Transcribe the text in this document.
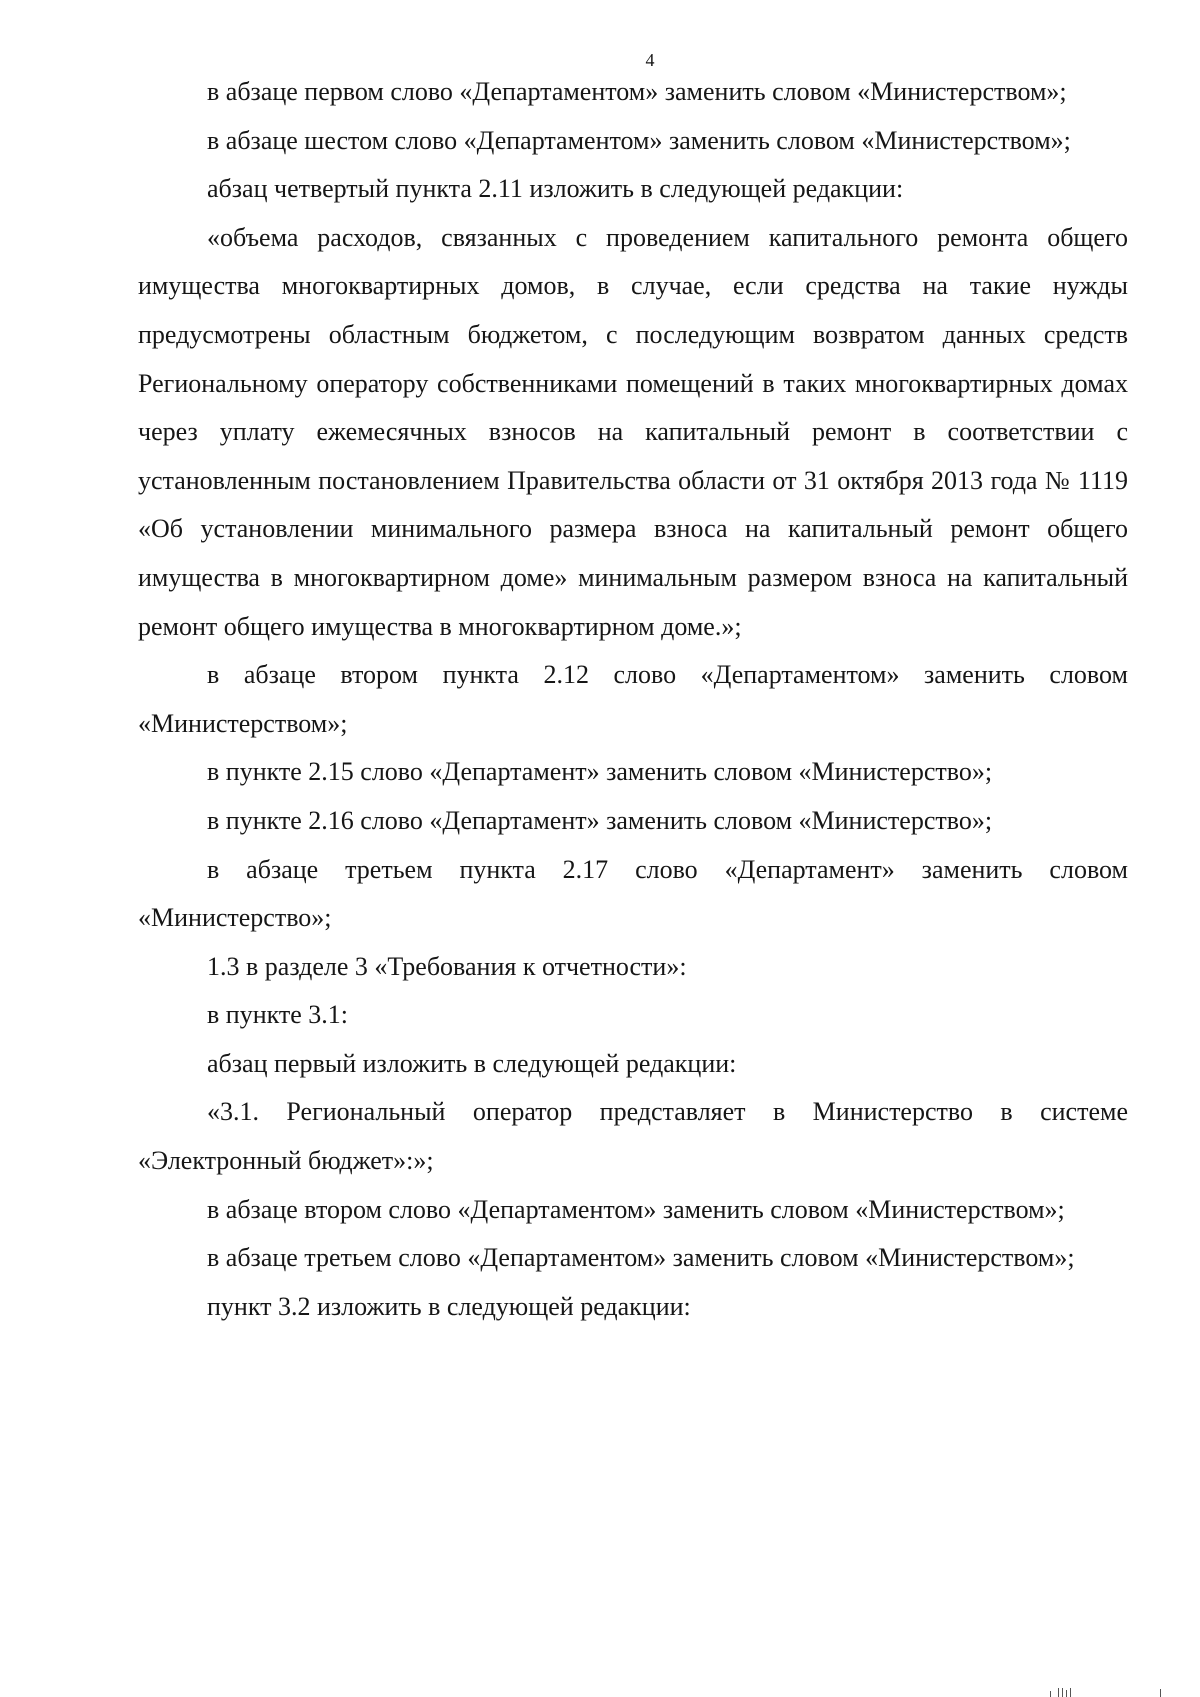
4

в абзаце первом слово «Департаментом» заменить словом «Министерством»;

в абзаце шестом слово «Департаментом» заменить словом «Министерством»;

абзац четвертый пункта 2.11 изложить в следующей редакции:

«объема расходов, связанных с проведением капитального ремонта общего имущества многоквартирных домов, в случае, если средства на такие нужды предусмотрены областным бюджетом, с последующим возвратом данных средств Региональному оператору собственниками помещений в таких многоквартирных домах через уплату ежемесячных взносов на капитальный ремонт в соответствии с установленным постановлением Правительства области от 31 октября 2013 года № 1119 «Об установлении минимального размера взноса на капитальный ремонт общего имущества в многоквартирном доме» минимальным размером взноса на капитальный ремонт общего имущества в многоквартирном доме.»;

в абзаце втором пункта 2.12 слово «Департаментом» заменить словом «Министерством»;

в пункте 2.15 слово «Департамент» заменить словом «Министерство»;

в пункте 2.16 слово «Департамент» заменить словом «Министерство»;

в абзаце третьем пункта 2.17 слово «Департамент» заменить словом «Министерство»;

1.3 в разделе 3 «Требования к отчетности»:

в пункте 3.1:

абзац первый изложить в следующей редакции:

«3.1. Региональный оператор представляет в Министерство в системе «Электронный бюджет»:»;

в абзаце втором слово «Департаментом» заменить словом «Министерством»;

в абзаце третьем слово «Департаментом» заменить словом «Министерством»;

пункт 3.2 изложить в следующей редакции:
